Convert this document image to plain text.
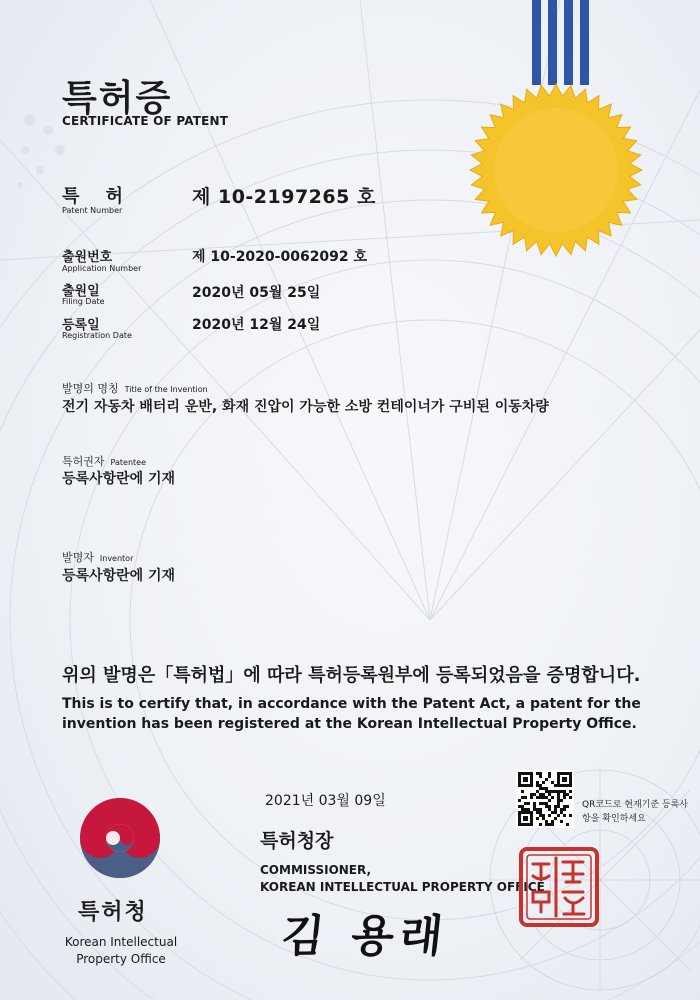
특허증
CERTIFICATE OF PATENT
특 허
Patent Number
제 10-2197265 호
출원번호
Application Number
제 10-2020-0062092 호
출원일
Filing Date
2020년 05월 25일
등록일
Registration Date
2020년 12월 24일
발명의 명칭 Title of the Invention
전기 자동차 배터리 운반, 화재 진압이 가능한 소방 컨테이너가 구비된 이동차량
특허권자 Patentee
등록사항란에 기재
발명자 Inventor
등록사항란에 기재
위의 발명은「특허법」에 따라 특허등록원부에 등록되었음을 증명합니다.
This is to certify that, in accordance with the Patent Act, a patent for the invention has been registered at the Korean Intellectual Property Office.
2021년 03월 09일	QR코드로 현재기준 등록사항을 확인하세요
특허청장
COMMISSIONER,
KOREAN INTELLECTUAL PROPERTY OFFICE
김 용래
특허청
Korean Intellectual Property Office
